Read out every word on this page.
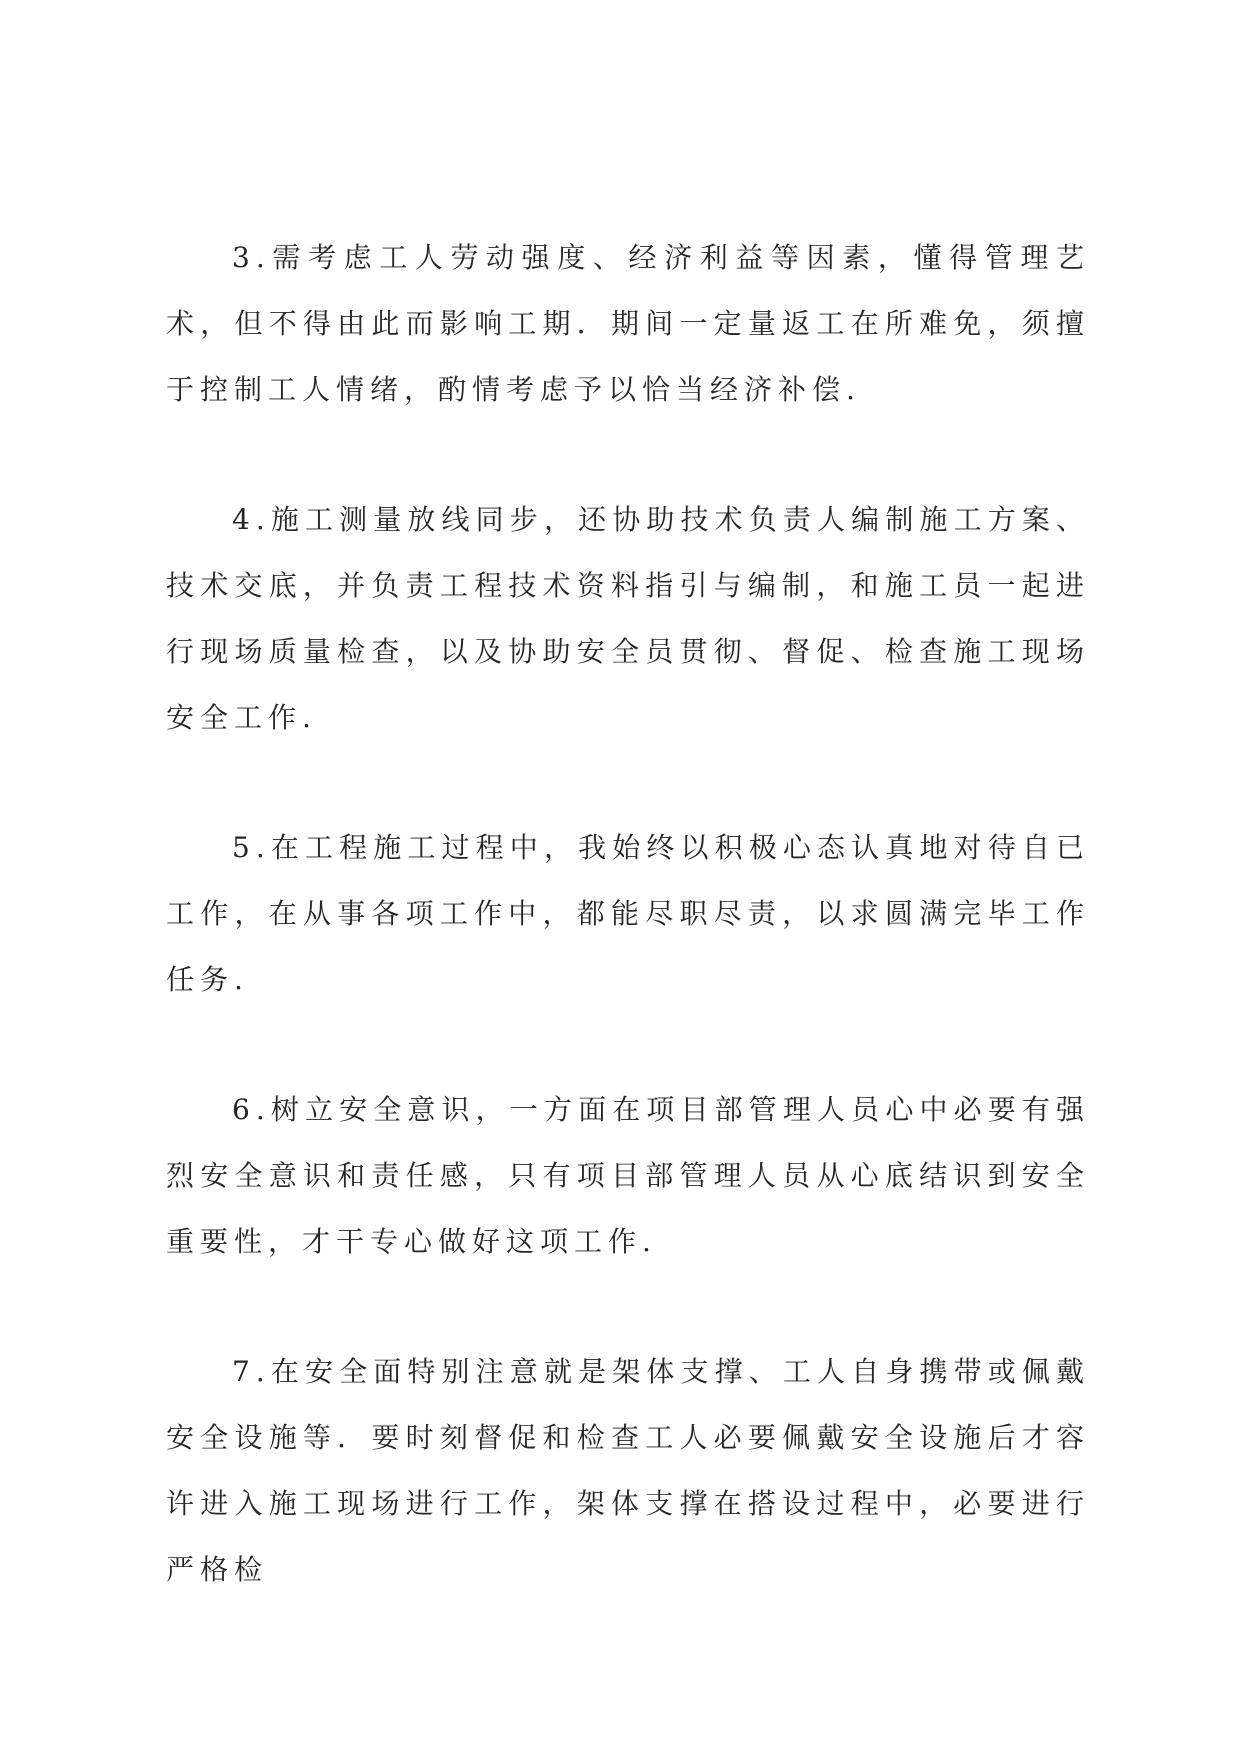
3.需考虑工人劳动强度、经济利益等因素，懂得管理艺术，但不得由此而影响工期．期间一定量返工在所难免，须擅于控制工人情绪，酌情考虑予以恰当经济补偿.

4.施工测量放线同步，还协助技术负责人编制施工方案、技术交底，并负责工程技术资料指引与编制，和施工员一起进行现场质量检查，以及协助安全员贯彻、督促、检查施工现场安全工作.

5.在工程施工过程中，我始终以积极心态认真地对待自已工作，在从事各项工作中，都能尽职尽责，以求圆满完毕工作任务.

6.树立安全意识，一方面在项目部管理人员心中必要有强烈安全意识和责任感，只有项目部管理人员从心底结识到安全重要性，才干专心做好这项工作.

7.在安全面特别注意就是架体支撑、工人自身携带或佩戴安全设施等．要时刻督促和检查工人必要佩戴安全设施后才容许进入施工现场进行工作，架体支撑在搭设过程中，必要进行严格检
